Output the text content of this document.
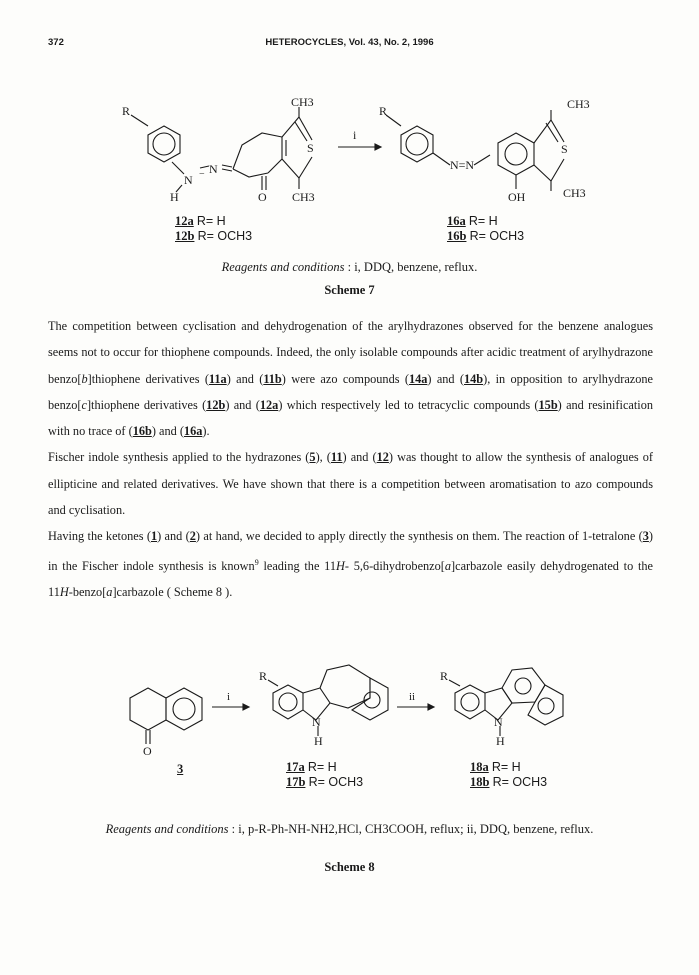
372	HETEROCYCLES, Vol. 43, No. 2, 1996
R
N − N
H	O
S
CH3
CH3
i
R
N=N
OH
S
CH3
CH3
12a R= H
12b R= OCH3
16a R= H
16b R= OCH3
Reagents and conditions : i, DDQ, benzene, reflux.
Scheme 7

The competition between cyclisation and dehydrogenation of the arylhydrazones observed for the benzene analogues seems not to occur for thiophene compounds. Indeed, the only isolable compounds after acidic treatment of arylhydrazone benzo[b]thiophene derivatives (11a) and (11b) were azo compounds (14a) and (14b), in opposition to arylhydrazone benzo[c]thiophene derivatives (12b) and (12a) which respectively led to tetracyclic compounds (15b) and resinification with no trace of (16b) and (16a).

Fischer indole synthesis applied to the hydrazones (5), (11) and (12) was thought to allow the synthesis of analogues of ellipticine and related derivatives. We have shown that there is a competition between aromatisation to azo compounds and cyclisation.

Having the ketones (1) and (2) at hand, we decided to apply directly the synthesis on them. The reaction of 1-tetralone (3) in the Fischer indole synthesis is known$^9$ leading the 11H- 5,6-dihydrobenzo[a]carbazole easily dehydrogenated to the 11H-benzo[a]carbazole ( Scheme 8 ).

O
i
R
N
H
ii
R
N
H
3	17a R= H
17b R= OCH3
18a R= H
18b R= OCH3
Reagents and conditions : i, p-R-Ph-NH-NH2,HCl, CH3COOH, reflux; ii, DDQ, benzene, reflux.
Scheme 8
